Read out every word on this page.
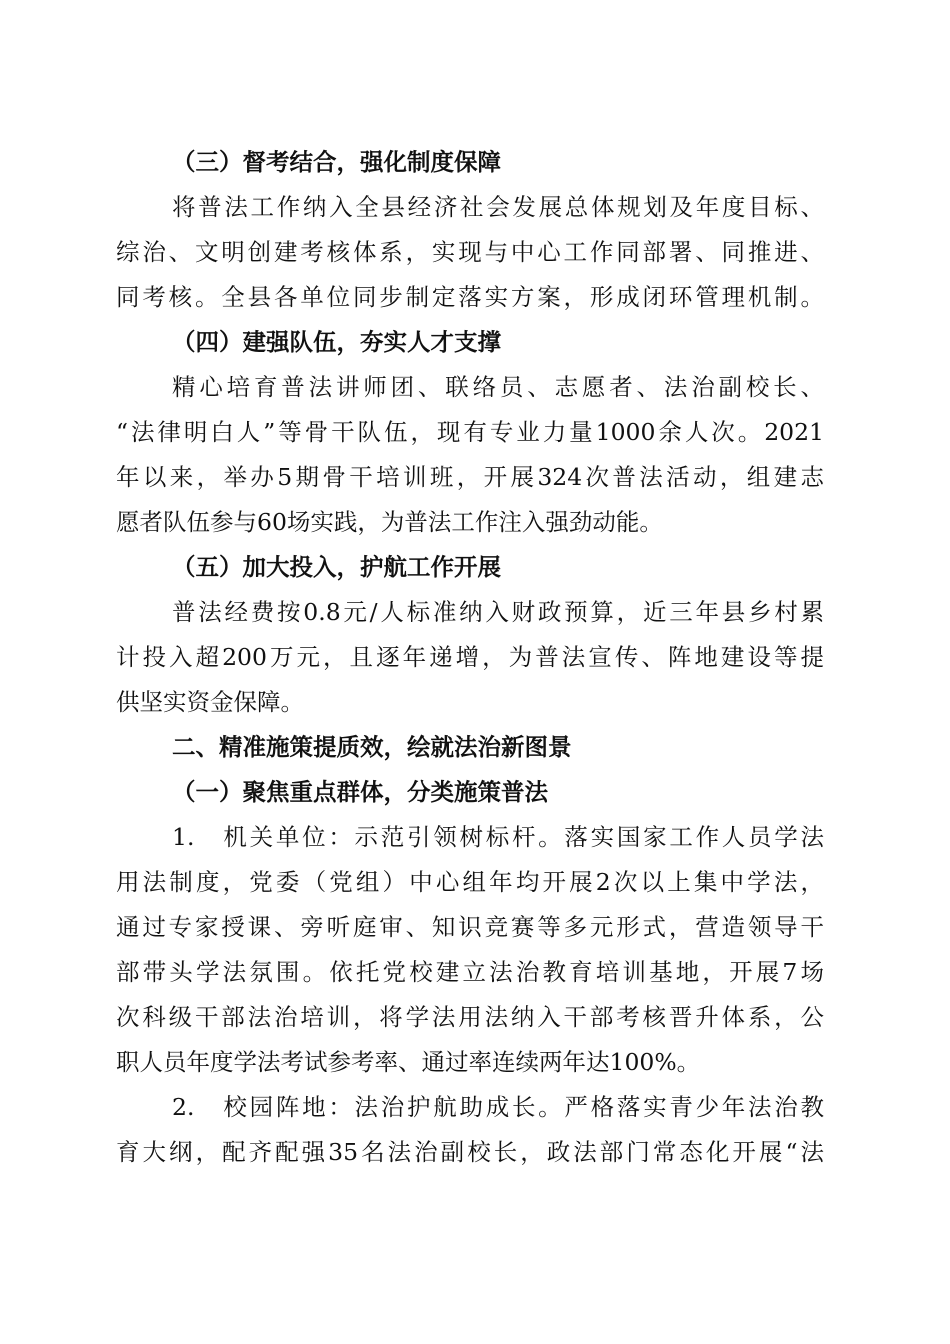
（三）督考结合，强化制度保障
将普法工作纳入全县经济社会发展总体规划及年度目标、
综治、文明创建考核体系，实现与中心工作同部署、同推进、
同考核。全县各单位同步制定落实方案，形成闭环管理机制。
（四）建强队伍，夯实人才支撑
精心培育普法讲师团、联络员、志愿者、法治副校长、
“法律明白人”等骨干队伍，现有专业力量1000余人次。2021
年以来，举办5期骨干培训班，开展324次普法活动，组建志
愿者队伍参与60场实践，为普法工作注入强劲动能。
（五）加大投入，护航工作开展
普法经费按0.8元/人标准纳入财政预算，近三年县乡村累
计投入超200万元，且逐年递增，为普法宣传、阵地建设等提
供坚实资金保障。
二、精准施策提质效，绘就法治新图景
（一）聚焦重点群体，分类施策普法
1.　机关单位：示范引领树标杆。落实国家工作人员学法
用法制度，党委（党组）中心组年均开展2次以上集中学法，
通过专家授课、旁听庭审、知识竞赛等多元形式，营造领导干
部带头学法氛围。依托党校建立法治教育培训基地，开展7场
次科级干部法治培训，将学法用法纳入干部考核晋升体系，公
职人员年度学法考试参考率、通过率连续两年达100%。
2.　校园阵地：法治护航助成长。严格落实青少年法治教
育大纲，配齐配强35名法治副校长，政法部门常态化开展“法
